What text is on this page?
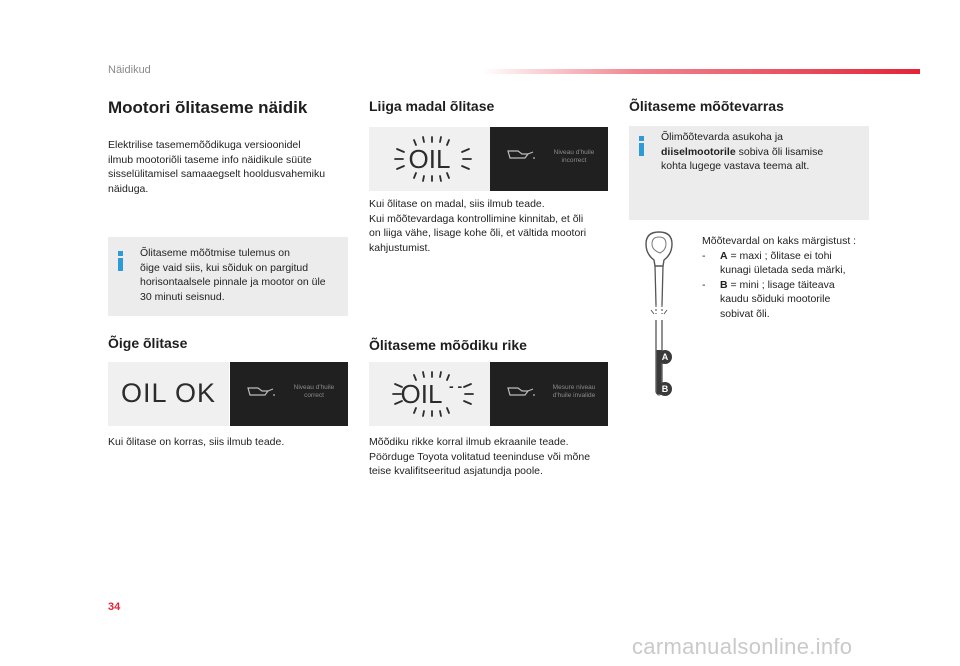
Näidikud
Mootori õlitaseme näidik

Elektrilise tasememõõdikuga versioonidel

ilmub mootoriõli taseme info näidikule süüte

sisselülitamisel samaaegselt hooldusvahemiku

näiduga.

Õlitaseme mõõtmise tulemus on

õige vaid siis, kui sõiduk on pargitud

horisontaalsele pinnale ja mootor on üle

30 minuti seisnud.

Õige õlitase
OIL OK	Niveau d'huile
correct
Kui õlitase on korras, siis ilmub teade.
Liiga madal õlitase
OIL	Niveau d'huile
incorrect

Kui õlitase on madal, siis ilmub teade.

Kui mõõtevardaga kontrollimine kinnitab, et õli

on liiga vähe, lisage kohe õli, et vältida mootori

kahjustumist.

Õlitaseme mõõdiku rike
OIL - -	Mesure niveau
d'huile invalide

Mõõdiku rikke korral ilmub ekraanile teade.

Pöörduge Toyota volitatud teeninduse või mõne

teise kvalifitseeritud asjatundja poole.

Õlitaseme mõõtevarras

Õlimõõtevarda asukoha ja

diiselmootorile sobiva õli lisamise

kohta lugege vastava teema alt.

A
B

Mõõtevardal on kaks märgistust :

- A = maxi ; õlitase ei tohi
kunagi ületada seda märki,
- B = mini ; lisage täiteava
kaudu sõiduki mootorile
sobivat õli.
34
carmanualsonline.info
